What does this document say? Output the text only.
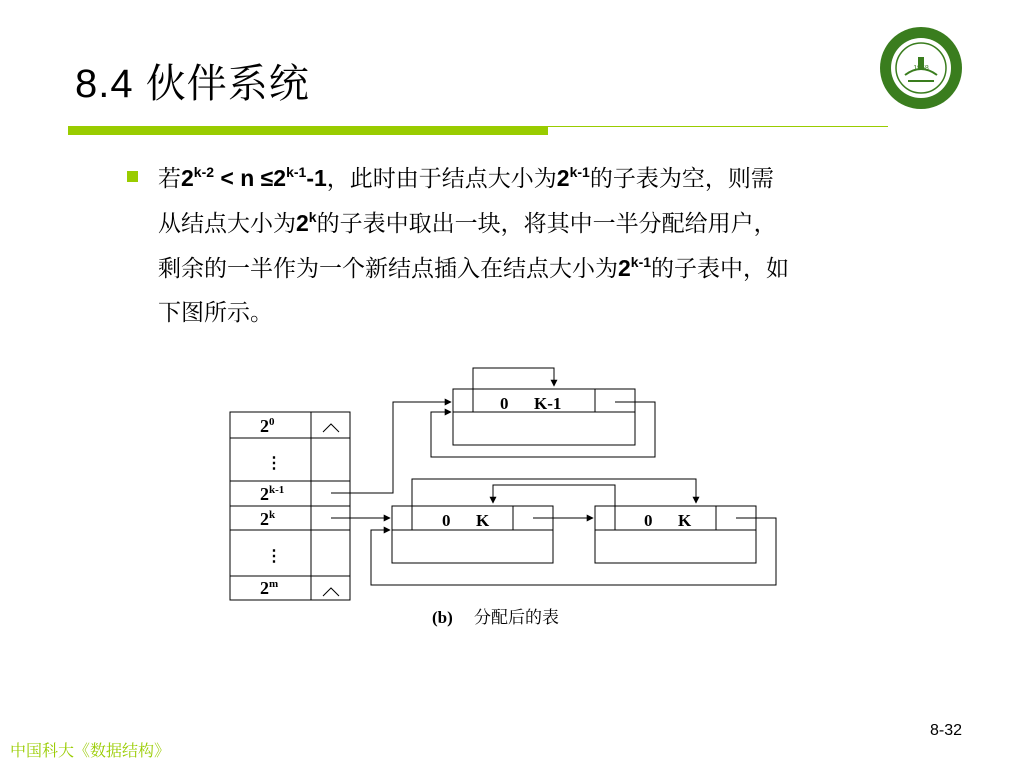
8.4 伙伴系统	1958
若$2^{k-2} < n \le 2^{k-1}-1$，此时由于结点大小为2$^{k-1}$的子表为空，则需
从结点大小为2$^k$的子表中取出一块，将其中一半分配给用户，
剩余的一半作为一个新结点插入在结点大小为2$^{k-1}$的子表中，如
下图所示。
$2^0$
⋮
2$^{k-1}$
2$^k$
⋮
2$^m$
0 K-1
0 K	0 K
(b) 分配后的表
中国科大《数据结构》
8-32
